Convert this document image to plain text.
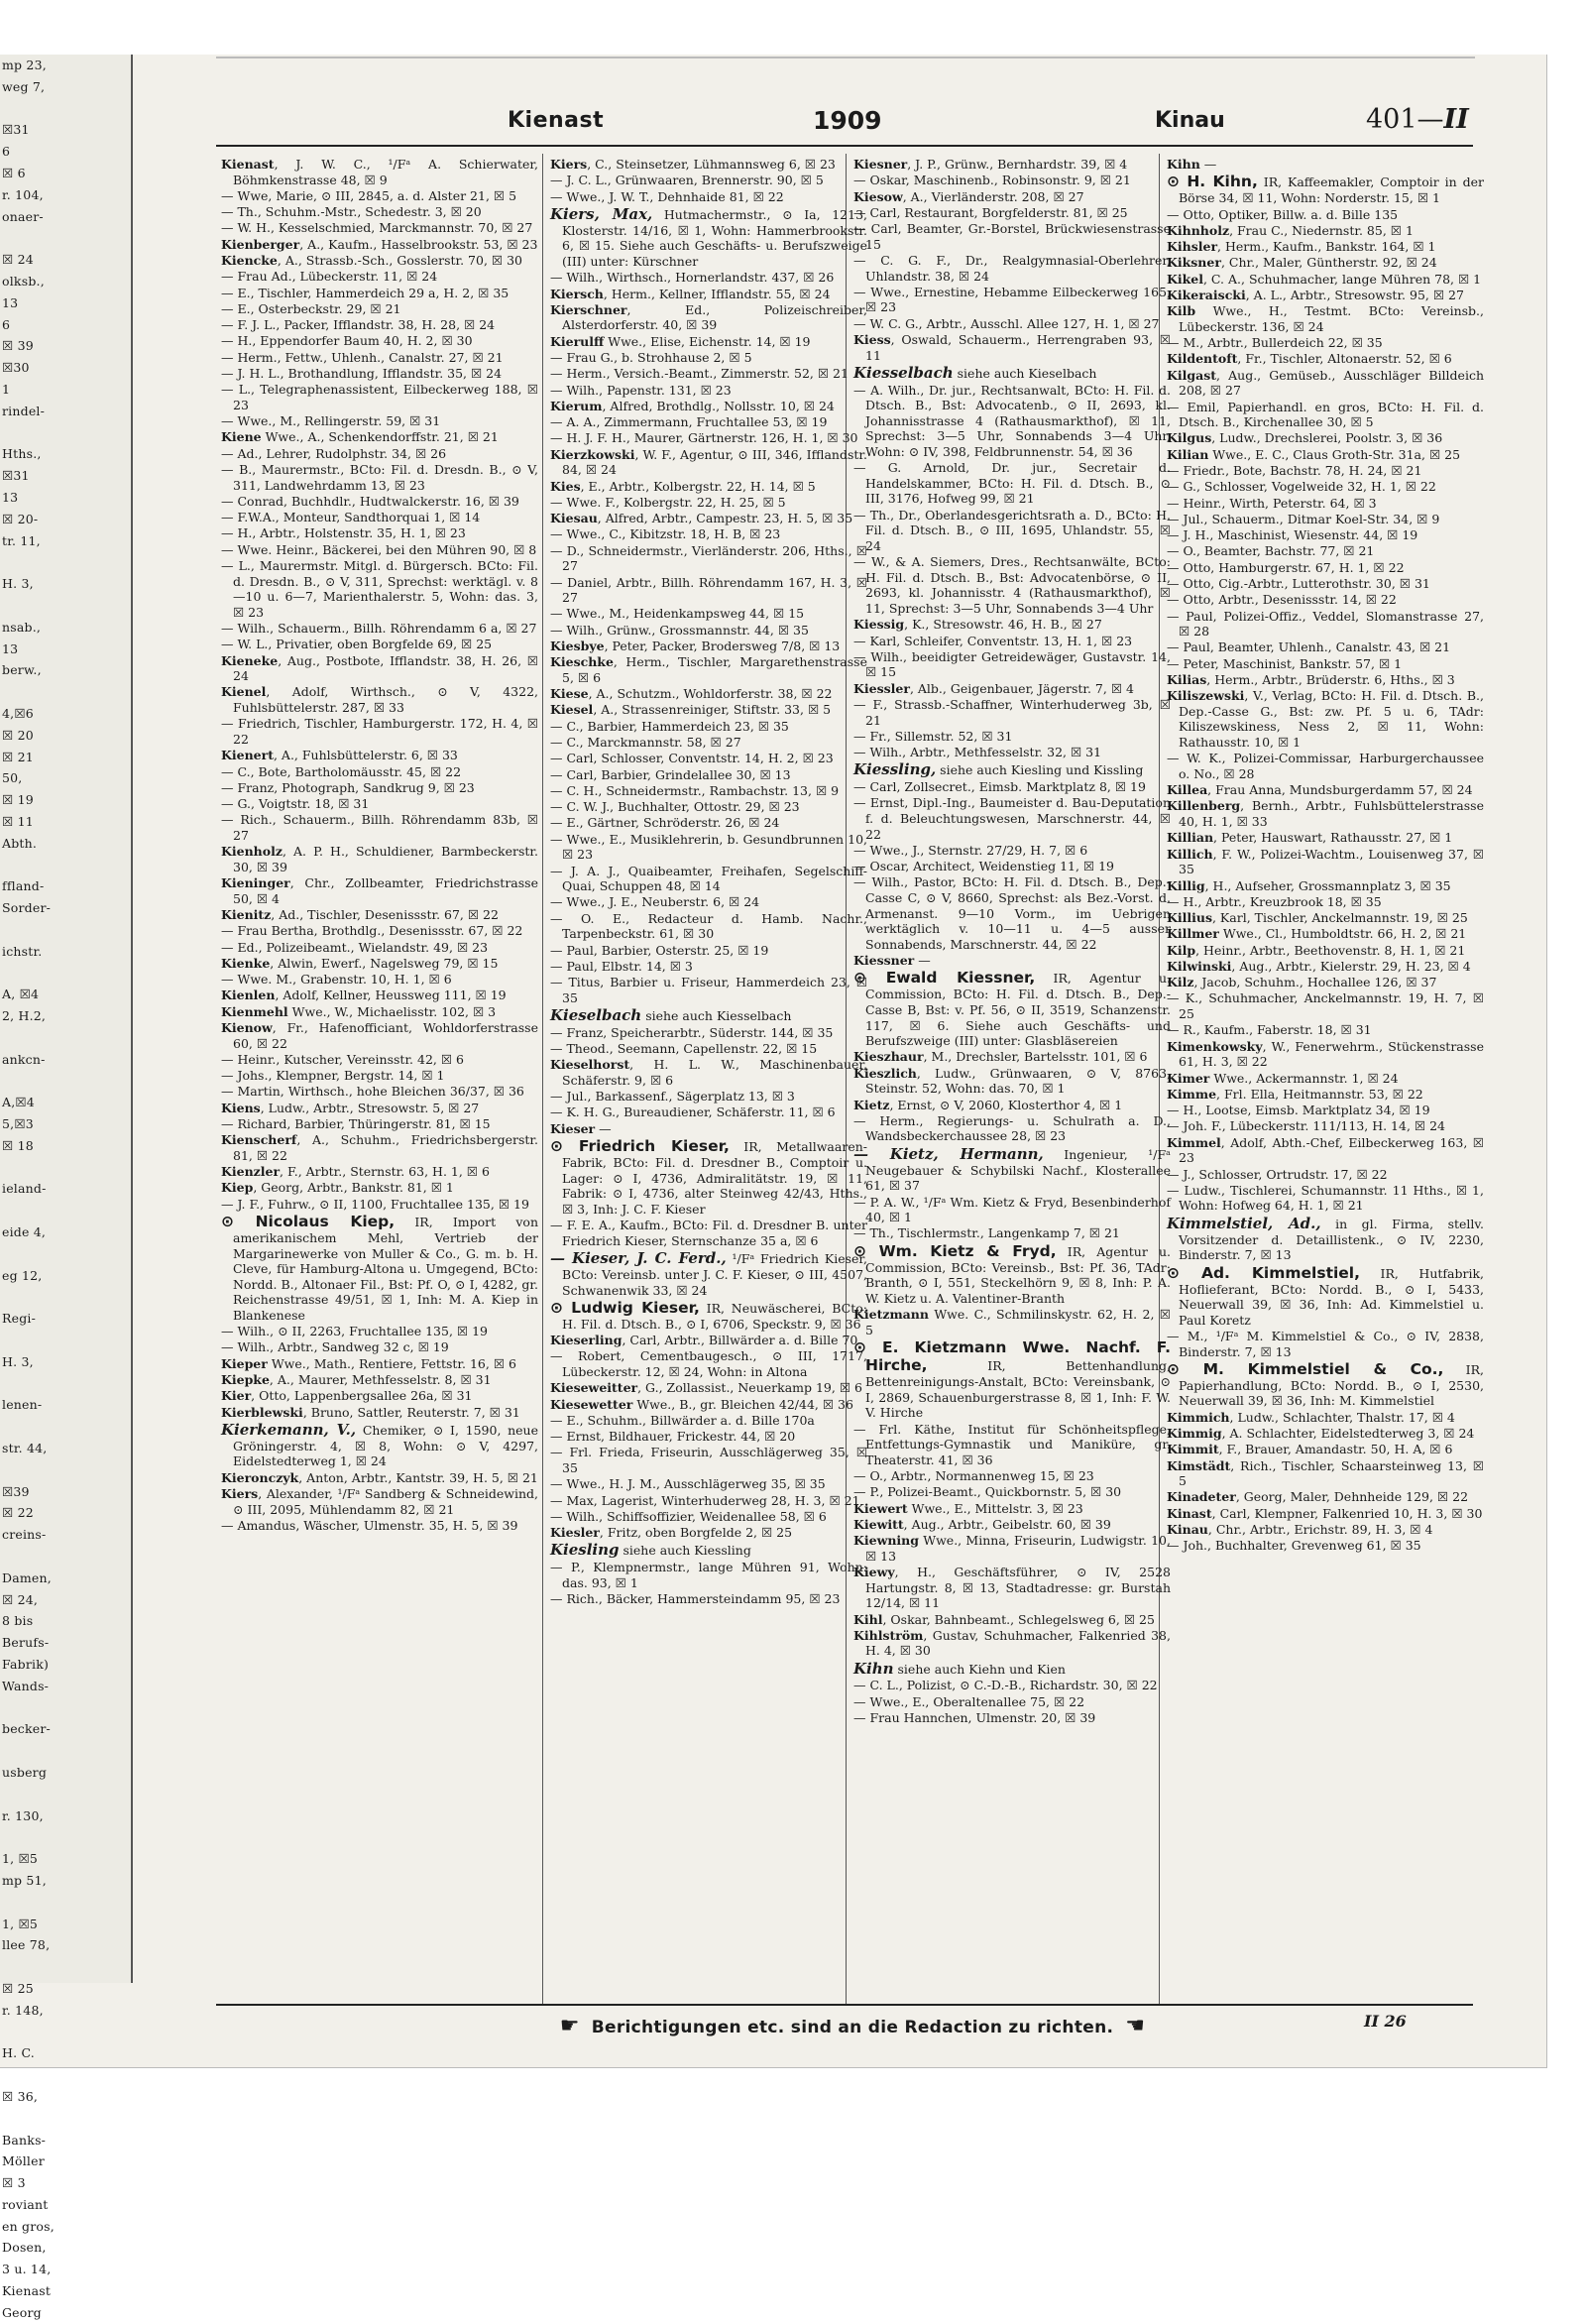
mp 23,
weg 7,

☒31
6
☒ 6
r. 104,
onaer-

☒ 24
olksb.,
13
6
☒ 39
☒30
1
rindel-

Hths.,
☒31
13
☒ 20-
tr. 11,

H. 3,

nsab.,
13
berw.,

4,☒6
☒ 20
☒ 21
50,
☒ 19
☒ 11
Abth.

ffland-
Sorder-

ichstr.

A, ☒4
2, H.2,

ankcn-

A,☒4
5,☒3
☒ 18

ieland-

eide 4,

eg 12,

Regi-

H. 3,

lenen-

str. 44,

☒39
☒ 22
creins-

Damen,
☒ 24,
8 bis
Berufs-
Fabrik)
Wands-

becker-

usberg

r. 130,

1, ☒5
mp 51,

1, ☒5
llee 78,

☒ 25
r. 148,

H. C.

☒ 36,

Banks-
Möller
☒ 3
roviant
en gros,
Dosen,
3 u. 14,
Kienast
Georg
Kienast	1909	Kinau	401—II
Kienast, J. W. C., ¹/Fᵃ A. Schierwater, Böhmkenstrasse 48, ☒ 9
— Wwe, Marie, ⊙ III, 2845, a. d. Alster 21, ☒ 5
— Th., Schuhm.-Mstr., Schedestr. 3, ☒ 20
— W. H., Kesselschmied, Marckmannstr. 70, ☒ 27
Kienberger, A., Kaufm., Hasselbrookstr. 53, ☒ 23
Kiencke, A., Strassb.-Sch., Gosslerstr. 70, ☒ 30
— Frau Ad., Lübeckerstr. 11, ☒ 24
— E., Tischler, Hammerdeich 29 a, H. 2, ☒ 35
— E., Osterbeckstr. 29, ☒ 21
— F. J. L., Packer, Ifflandstr. 38, H. 28, ☒ 24
— H., Eppendorfer Baum 40, H. 2, ☒ 30
— Herm., Fettw., Uhlenh., Canalstr. 27, ☒ 21
— J. H. L., Brothandlung, Ifflandstr. 35, ☒ 24
— L., Telegraphenassistent, Eilbeckerweg 188, ☒ 23
— Wwe., M., Rellingerstr. 59, ☒ 31
Kiene Wwe., A., Schenkendorffstr. 21, ☒ 21
— Ad., Lehrer, Rudolphstr. 34, ☒ 26
— B., Maurermstr., BCto: Fil. d. Dresdn. B., ⊙ V, 311, Landwehrdamm 13, ☒ 23
— Conrad, Buchhdlr., Hudtwalckerstr. 16, ☒ 39
— F.W.A., Monteur, Sandthorquai 1, ☒ 14
— H., Arbtr., Holstenstr. 35, H. 1, ☒ 23
— Wwe. Heinr., Bäckerei, bei den Mühren 90, ☒ 8
— L., Maurermstr. Mitgl. d. Bürgersch. BCto: Fil. d. Dresdn. B., ⊙ V, 311, Sprechst: werktägl. v. 8—10 u. 6—7, Marienthalerstr. 5, Wohn: das. 3, ☒ 23
— Wilh., Schauerm., Billh. Röhrendamm 6 a, ☒ 27
— W. L., Privatier, oben Borgfelde 69, ☒ 25
Kieneke, Aug., Postbote, Ifflandstr. 38, H. 26, ☒ 24
Kienel, Adolf, Wirthsch., ⊙ V, 4322, Fuhlsbüttelerstr. 287, ☒ 33
— Friedrich, Tischler, Hamburgerstr. 172, H. 4, ☒ 22
Kienert, A., Fuhlsbüttelerstr. 6, ☒ 33
— C., Bote, Bartholomäusstr. 45, ☒ 22
— Franz, Photograph, Sandkrug 9, ☒ 23
— G., Voigtstr. 18, ☒ 31
— Rich., Schauerm., Billh. Röhrendamm 83b, ☒ 27
Kienholz, A. P. H., Schuldiener, Barmbeckerstr. 30, ☒ 39
Kieninger, Chr., Zollbeamter, Friedrichstrasse 50, ☒ 4
Kienitz, Ad., Tischler, Desenissstr. 67, ☒ 22
— Frau Bertha, Brothdlg., Desenissstr. 67, ☒ 22
— Ed., Polizeibeamt., Wielandstr. 49, ☒ 23
Kienke, Alwin, Ewerf., Nagelsweg 79, ☒ 15
— Wwe. M., Grabenstr. 10, H. 1, ☒ 6
Kienlen, Adolf, Kellner, Heussweg 111, ☒ 19
Kienmehl Wwe., W., Michaelisstr. 102, ☒ 3
Kienow, Fr., Hafenofficiant, Wohldorferstrasse 60, ☒ 22
— Heinr., Kutscher, Vereinsstr. 42, ☒ 6
— Johs., Klempner, Bergstr. 14, ☒ 1
— Martin, Wirthsch., hohe Bleichen 36/37, ☒ 36
Kiens, Ludw., Arbtr., Stresowstr. 5, ☒ 27
— Richard, Barbier, Thüringerstr. 81, ☒ 15
Kienscherf, A., Schuhm., Friedrichsbergerstr. 81, ☒ 22
Kienzler, F., Arbtr., Sternstr. 63, H. 1, ☒ 6
Kiep, Georg, Arbtr., Bankstr. 81, ☒ 1
— J. F., Fuhrw., ⊙ II, 1100, Fruchtallee 135, ☒ 19
⊙ Nicolaus Kiep, IR, Import von amerikanischem Mehl, Vertrieb der Margarinewerke von Muller & Co., G. m. b. H. Cleve, für Hamburg-Altona u. Umgegend, BCto: Nordd. B., Altonaer Fil., Bst: Pf. O, ⊙ I, 4282, gr. Reichenstrasse 49/51, ☒ 1, Inh: M. A. Kiep in Blankenese
— Wilh., ⊙ II, 2263, Fruchtallee 135, ☒ 19
— Wilh., Arbtr., Sandweg 32 c, ☒ 19
Kieper Wwe., Math., Rentiere, Fettstr. 16, ☒ 6
Kiepke, A., Maurer, Methfesselstr. 8, ☒ 31
Kier, Otto, Lappenbergsallee 26a, ☒ 31
Kierblewski, Bruno, Sattler, Reuterstr. 7, ☒ 31
Kierkemann, V., Chemiker, ⊙ I, 1590, neue Gröningerstr. 4, ☒ 8, Wohn: ⊙ V, 4297, Eidelstedterweg 1, ☒ 24
Kieronczyk, Anton, Arbtr., Kantstr. 39, H. 5, ☒ 21
Kiers, Alexander, ¹/Fᵃ Sandberg & Schneidewind, ⊙ III, 2095, Mühlendamm 82, ☒ 21
— Amandus, Wäscher, Ulmenstr. 35, H. 5, ☒ 39
Kiers, C., Steinsetzer, Lühmannsweg 6, ☒ 23
— J. C. L., Grünwaaren, Brennerstr. 90, ☒ 5
— Wwe., J. W. T., Dehnhaide 81, ☒ 22
Kiers, Max, Hutmachermstr., ⊙ Ia, 1213, Klosterstr. 14/16, ☒ 1, Wohn: Hammerbrookstr. 6, ☒ 15. Siehe auch Geschäfts- u. Berufszweige (III) unter: Kürschner
— Wilh., Wirthsch., Hornerlandstr. 437, ☒ 26
Kiersch, Herm., Kellner, Ifflandstr. 55, ☒ 24
Kierschner, Ed., Polizeischreiber, Alsterdorferstr. 40, ☒ 39
Kierulff Wwe., Elise, Eichenstr. 14, ☒ 19
— Frau G., b. Strohhause 2, ☒ 5
— Herm., Versich.-Beamt., Zimmerstr. 52, ☒ 21
— Wilh., Papenstr. 131, ☒ 23
Kierum, Alfred, Brothdlg., Nollsstr. 10, ☒ 24
— A. A., Zimmermann, Fruchtallee 53, ☒ 19
— H. J. F. H., Maurer, Gärtnerstr. 126, H. 1, ☒ 30
Kierzkowski, W. F., Agentur, ⊙ III, 346, Ifflandstr. 84, ☒ 24
Kies, E., Arbtr., Kolbergstr. 22, H. 14, ☒ 5
— Wwe. F., Kolbergstr. 22, H. 25, ☒ 5
Kiesau, Alfred, Arbtr., Campestr. 23, H. 5, ☒ 35
— Wwe., C., Kibitzstr. 18, H. B, ☒ 23
— D., Schneidermstr., Vierländerstr. 206, Hths., ☒ 27
— Daniel, Arbtr., Billh. Röhrendamm 167, H. 3, ☒ 27
— Wwe., M., Heidenkampsweg 44, ☒ 15
— Wilh., Grünw., Grossmannstr. 44, ☒ 35
Kiesbye, Peter, Packer, Brodersweg 7/8, ☒ 13
Kieschke, Herm., Tischler, Margarethenstrasse 5, ☒ 6
Kiese, A., Schutzm., Wohldorferstr. 38, ☒ 22
Kiesel, A., Strassenreiniger, Stiftstr. 33, ☒ 5
— C., Barbier, Hammerdeich 23, ☒ 35
— C., Marckmannstr. 58, ☒ 27
— Carl, Schlosser, Conventstr. 14, H. 2, ☒ 23
— Carl, Barbier, Grindelallee 30, ☒ 13
— C. H., Schneidermstr., Rambachstr. 13, ☒ 9
— C. W. J., Buchhalter, Ottostr. 29, ☒ 23
— E., Gärtner, Schröderstr. 26, ☒ 24
— Wwe., E., Musiklehrerin, b. Gesundbrunnen 10, ☒ 23
— J. A. J., Quaibeamter, Freihafen, Segelschiff-Quai, Schuppen 48, ☒ 14
— Wwe., J. E., Neuberstr. 6, ☒ 24
— O. E., Redacteur d. Hamb. Nachr., Tarpenbeckstr. 61, ☒ 30
— Paul, Barbier, Osterstr. 25, ☒ 19
— Paul, Elbstr. 14, ☒ 3
— Titus, Barbier u. Friseur, Hammerdeich 23, ☒ 35
Kieselbach siehe auch Kiesselbach
— Franz, Speicherarbtr., Süderstr. 144, ☒ 35
— Theod., Seemann, Capellenstr. 22, ☒ 15
Kieselhorst, H. L. W., Maschinenbauer, Schäferstr. 9, ☒ 6
— Jul., Barkassenf., Sägerplatz 13, ☒ 3
— K. H. G., Bureaudiener, Schäferstr. 11, ☒ 6
Kieser —
⊙ Friedrich Kieser, IR, Metallwaaren-Fabrik, BCto: Fil. d. Dresdner B., Comptoir u. Lager: ⊙ I, 4736, Admiralitätstr. 19, ☒ 11, Fabrik: ⊙ I, 4736, alter Steinweg 42/43, Hths., ☒ 3, Inh: J. C. F. Kieser
— F. E. A., Kaufm., BCto: Fil. d. Dresdner B. unter Friedrich Kieser, Sternschanze 35 a, ☒ 6
— Kieser, J. C. Ferd., ¹/Fᵃ Friedrich Kieser, BCto: Vereinsb. unter J. C. F. Kieser, ⊙ III, 4507, Schwanenwik 33, ☒ 24
⊙ Ludwig Kieser, IR, Neuwäscherei, BCto: H. Fil. d. Dtsch. B., ⊙ I, 6706, Speckstr. 9, ☒ 36
Kieserling, Carl, Arbtr., Billwärder a. d. Bille 70
— Robert, Cementbaugesch., ⊙ III, 1717, Lübeckerstr. 12, ☒ 24, Wohn: in Altona
Kieseweitter, G., Zollassist., Neuerkamp 19, ☒ 6
Kiesewetter Wwe., B., gr. Bleichen 42/44, ☒ 36
— E., Schuhm., Billwärder a. d. Bille 170a
— Ernst, Bildhauer, Frickestr. 44, ☒ 20
— Frl. Frieda, Friseurin, Ausschlägerweg 35, ☒ 35
— Wwe., H. J. M., Ausschlägerweg 35, ☒ 35
— Max, Lagerist, Winterhuderweg 28, H. 3, ☒ 21
— Wilh., Schiffsoffizier, Weidenallee 58, ☒ 6
Kiesler, Fritz, oben Borgfelde 2, ☒ 25
Kiesling siehe auch Kiessling
— P., Klempnermstr., lange Mühren 91, Wohn: das. 93, ☒ 1
— Rich., Bäcker, Hammersteindamm 95, ☒ 23
Kiesner, J. P., Grünw., Bernhardstr. 39, ☒ 4
— Oskar, Maschinenb., Robinsonstr. 9, ☒ 21
Kiesow, A., Vierländerstr. 208, ☒ 27
— Carl, Restaurant, Borgfelderstr. 81, ☒ 25
— Carl, Beamter, Gr.-Borstel, Brückwiesenstrasse 15
— C. G. F., Dr., Realgymnasial-Oberlehrer, Uhlandstr. 38, ☒ 24
— Wwe., Ernestine, Hebamme Eilbeckerweg 165, ☒ 23
— W. C. G., Arbtr., Ausschl. Allee 127, H. 1, ☒ 27
Kiess, Oswald, Schauerm., Herrengraben 93, ☒ 11
Kiesselbach siehe auch Kieselbach
— A. Wilh., Dr. jur., Rechtsanwalt, BCto: H. Fil. d. Dtsch. B., Bst: Advocatenb., ⊙ II, 2693, kl. Johannisstrasse 4 (Rathausmarkthof), ☒ 11, Sprechst: 3—5 Uhr, Sonnabends 3—4 Uhr, Wohn: ⊙ IV, 398, Feldbrunnenstr. 54, ☒ 36
— G. Arnold, Dr. jur., Secretair d. Handelskammer, BCto: H. Fil. d. Dtsch. B., ⊙ III, 3176, Hofweg 99, ☒ 21
— Th., Dr., Oberlandesgerichtsrath a. D., BCto: H. Fil. d. Dtsch. B., ⊙ III, 1695, Uhlandstr. 55, ☒ 24
— W., & A. Siemers, Dres., Rechtsanwälte, BCto: H. Fil. d. Dtsch. B., Bst: Advocatenbörse, ⊙ II, 2693, kl. Johannisstr. 4 (Rathausmarkthof), ☒ 11, Sprechst: 3—5 Uhr, Sonnabends 3—4 Uhr
Kiessig, K., Stresowstr. 46, H. B., ☒ 27
— Karl, Schleifer, Conventstr. 13, H. 1, ☒ 23
— Wilh., beeidigter Getreidewäger, Gustavstr. 14, ☒ 15
Kiessler, Alb., Geigenbauer, Jägerstr. 7, ☒ 4
— F., Strassb.-Schaffner, Winterhuderweg 3b, ☒ 21
— Fr., Sillemstr. 52, ☒ 31
— Wilh., Arbtr., Methfesselstr. 32, ☒ 31
Kiessling, siehe auch Kiesling und Kissling
— Carl, Zollsecret., Eimsb. Marktplatz 8, ☒ 19
— Ernst, Dipl.-Ing., Baumeister d. Bau-Deputation f. d. Beleuchtungswesen, Marschnerstr. 44, ☒ 22
— Wwe., J., Sternstr. 27/29, H. 7, ☒ 6
— Oscar, Architect, Weidenstieg 11, ☒ 19
— Wilh., Pastor, BCto: H. Fil. d. Dtsch. B., Dep.-Casse C, ⊙ V, 8660, Sprechst: als Bez.-Vorst. d. Armenanst. 9—10 Vorm., im Uebrigen werktäglich v. 10—11 u. 4—5 ausser Sonnabends, Marschnerstr. 44, ☒ 22
Kiessner —
⊙ Ewald Kiessner, IR, Agentur u. Commission, BCto: H. Fil. d. Dtsch. B., Dep.-Casse B, Bst: v. Pf. 56, ⊙ II, 3519, Schanzenstr. 117, ☒ 6. Siehe auch Geschäfts- und Berufszweige (III) unter: Glasbläsereien
Kieszhaur, M., Drechsler, Bartelsstr. 101, ☒ 6
Kieszlich, Ludw., Grünwaaren, ⊙ V, 8763, Steinstr. 52, Wohn: das. 70, ☒ 1
Kietz, Ernst, ⊙ V, 2060, Klosterthor 4, ☒ 1
— Herm., Regierungs- u. Schulrath a. D., Wandsbeckerchaussee 28, ☒ 23
— Kietz, Hermann, Ingenieur, ¹/Fᵃ Neugebauer & Schybilski Nachf., Klosterallee 61, ☒ 37
— P. A. W., ¹/Fᵃ Wm. Kietz & Fryd, Besenbinderhof 40, ☒ 1
— Th., Tischlermstr., Langenkamp 7, ☒ 21
⊙ Wm. Kietz & Fryd, IR, Agentur u. Commission, BCto: Vereinsb., Bst: Pf. 36, TAdr: Branth, ⊙ I, 551, Steckelhörn 9, ☒ 8, Inh: P. A. W. Kietz u. A. Valentiner-Branth
Kietzmann Wwe. C., Schmilinskystr. 62, H. 2, ☒ 5
⊙ E. Kietzmann Wwe. Nachf. F. Hirche, IR, Bettenhandlung, Bettenreinigungs-Anstalt, BCto: Vereinsbank, ⊙ I, 2869, Schauenburgerstrasse 8, ☒ 1, Inh: F. W. V. Hirche
— Frl. Käthe, Institut für Schönheitspflege, Entfettungs-Gymnastik und Maniküre, gr. Theaterstr. 41, ☒ 36
— O., Arbtr., Normannenweg 15, ☒ 23
— P., Polizei-Beamt., Quickbornstr. 5, ☒ 30
Kiewert Wwe., E., Mittelstr. 3, ☒ 23
Kiewitt, Aug., Arbtr., Geibelstr. 60, ☒ 39
Kiewning Wwe., Minna, Friseurin, Ludwigstr. 10, ☒ 13
Kiewy, H., Geschäftsführer, ⊙ IV, 2528 Hartungstr. 8, ☒ 13, Stadtadresse: gr. Burstah 12/14, ☒ 11
Kihl, Oskar, Bahnbeamt., Schlegelsweg 6, ☒ 25
Kihlström, Gustav, Schuhmacher, Falkenried 38, H. 4, ☒ 30
Kihn siehe auch Kiehn und Kien
— C. L., Polizist, ⊙ C.-D.-B., Richardstr. 30, ☒ 22
— Wwe., E., Oberaltenallee 75, ☒ 22
— Frau Hannchen, Ulmenstr. 20, ☒ 39
Kihn —
⊙ H. Kihn, IR, Kaffeemakler, Comptoir in der Börse 34, ☒ 11, Wohn: Norderstr. 15, ☒ 1
— Otto, Optiker, Billw. a. d. Bille 135
Kihnholz, Frau C., Niedernstr. 85, ☒ 1
Kihsler, Herm., Kaufm., Bankstr. 164, ☒ 1
Kiksner, Chr., Maler, Güntherstr. 92, ☒ 24
Kikel, C. A., Schuhmacher, lange Mühren 78, ☒ 1
Kikeraiscki, A. L., Arbtr., Stresowstr. 95, ☒ 27
Kilb Wwe., H., Testmt. BCto: Vereinsb., Lübeckerstr. 136, ☒ 24
— M., Arbtr., Bullerdeich 22, ☒ 35
Kildentoft, Fr., Tischler, Altonaerstr. 52, ☒ 6
Kilgast, Aug., Gemüseb., Ausschläger Billdeich 208, ☒ 27
— Emil, Papierhandl. en gros, BCto: H. Fil. d. Dtsch. B., Kirchenallee 30, ☒ 5
Kilgus, Ludw., Drechslerei, Poolstr. 3, ☒ 36
Kilian Wwe., E. C., Claus Groth-Str. 31a, ☒ 25
— Friedr., Bote, Bachstr. 78, H. 24, ☒ 21
— G., Schlosser, Vogelweide 32, H. 1, ☒ 22
— Heinr., Wirth, Peterstr. 64, ☒ 3
— Jul., Schauerm., Ditmar Koel-Str. 34, ☒ 9
— J. H., Maschinist, Wiesenstr. 44, ☒ 19
— O., Beamter, Bachstr. 77, ☒ 21
— Otto, Hamburgerstr. 67, H. 1, ☒ 22
— Otto, Cig.-Arbtr., Lutterothstr. 30, ☒ 31
— Otto, Arbtr., Desenissstr. 14, ☒ 22
— Paul, Polizei-Offiz., Veddel, Slomanstrasse 27, ☒ 28
— Paul, Beamter, Uhlenh., Canalstr. 43, ☒ 21
— Peter, Maschinist, Bankstr. 57, ☒ 1
Kilias, Herm., Arbtr., Brüderstr. 6, Hths., ☒ 3
Kiliszewski, V., Verlag, BCto: H. Fil. d. Dtsch. B., Dep.-Casse G., Bst: zw. Pf. 5 u. 6, TAdr: Kiliszewskiness, Ness 2, ☒ 11, Wohn: Rathausstr. 10, ☒ 1
— W. K., Polizei-Commissar, Harburgerchaussee o. No., ☒ 28
Killea, Frau Anna, Mundsburgerdamm 57, ☒ 24
Killenberg, Bernh., Arbtr., Fuhlsbüttelerstrasse 40, H. 1, ☒ 33
Killian, Peter, Hauswart, Rathausstr. 27, ☒ 1
Killich, F. W., Polizei-Wachtm., Louisenweg 37, ☒ 35
Killig, H., Aufseher, Grossmannplatz 3, ☒ 35
— H., Arbtr., Kreuzbrook 18, ☒ 35
Killius, Karl, Tischler, Anckelmannstr. 19, ☒ 25
Killmer Wwe., Cl., Humboldtstr. 66, H. 2, ☒ 21
Kilp, Heinr., Arbtr., Beethovenstr. 8, H. 1, ☒ 21
Kilwinski, Aug., Arbtr., Kielerstr. 29, H. 23, ☒ 4
Kilz, Jacob, Schuhm., Hochallee 126, ☒ 37
— K., Schuhmacher, Anckelmannstr. 19, H. 7, ☒ 25
— R., Kaufm., Faberstr. 18, ☒ 31
Kimenkowsky, W., Fenerwehrm., Stückenstrasse 61, H. 3, ☒ 22
Kimer Wwe., Ackermannstr. 1, ☒ 24
Kimme, Frl. Ella, Heitmannstr. 53, ☒ 22
— H., Lootse, Eimsb. Marktplatz 34, ☒ 19
— Joh. F., Lübeckerstr. 111/113, H. 14, ☒ 24
Kimmel, Adolf, Abth.-Chef, Eilbeckerweg 163, ☒ 23
— J., Schlosser, Ortrudstr. 17, ☒ 22
— Ludw., Tischlerei, Schumannstr. 11 Hths., ☒ 1, Wohn: Hofweg 64, H. 1, ☒ 21
Kimmelstiel, Ad., in gl. Firma, stellv. Vorsitzender d. Detaillistenk., ⊙ IV, 2230, Binderstr. 7, ☒ 13
⊙ Ad. Kimmelstiel, IR, Hutfabrik, Hoflieferant, BCto: Nordd. B., ⊙ I, 5433, Neuerwall 39, ☒ 36, Inh: Ad. Kimmelstiel u. Paul Koretz
— M., ¹/Fᵃ M. Kimmelstiel & Co., ⊙ IV, 2838, Binderstr. 7, ☒ 13
⊙ M. Kimmelstiel & Co., IR, Papierhandlung, BCto: Nordd. B., ⊙ I, 2530, Neuerwall 39, ☒ 36, Inh: M. Kimmelstiel
Kimmich, Ludw., Schlachter, Thalstr. 17, ☒ 4
Kimmig, A. Schlachter, Eidelstedterweg 3, ☒ 24
Kimmit, F., Brauer, Amandastr. 50, H. A, ☒ 6
Kimstädt, Rich., Tischler, Schaarsteinweg 13, ☒ 5
Kinadeter, Georg, Maler, Dehnheide 129, ☒ 22
Kinast, Carl, Klempner, Falkenried 10, H. 3, ☒ 30
Kinau, Chr., Arbtr., Erichstr. 89, H. 3, ☒ 4
— Joh., Buchhalter, Grevenweg 61, ☒ 35
☛ Berichtigungen etc. sind an die Redaction zu richten. ☚	II 26
